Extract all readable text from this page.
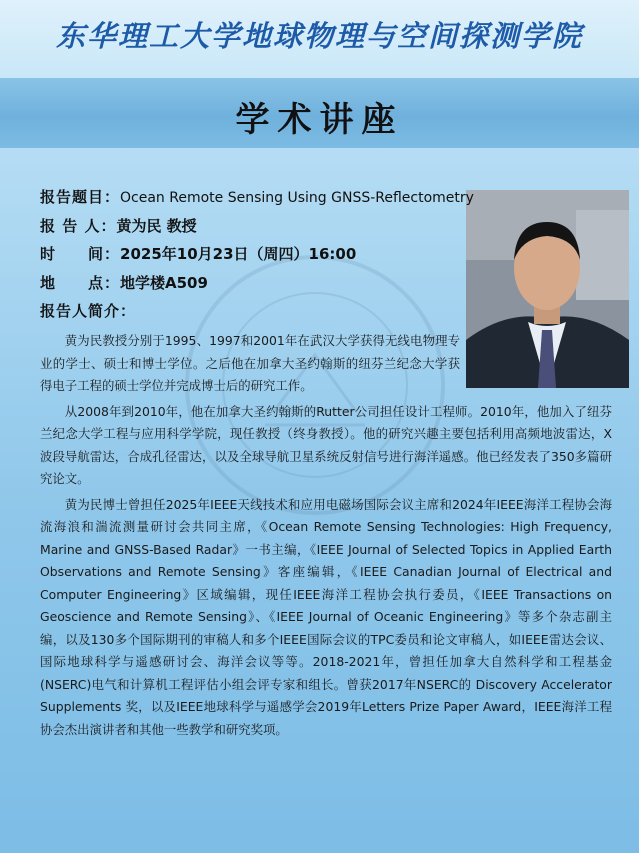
东华理工大学地球物理与空间探测学院
学术讲座
报告题目：Ocean Remote Sensing Using GNSS-Reflectometry
报 告 人：黄为民 教授
时　　间：2025年10月23日（周四）16:00
地　　点：地学楼A509
报告人简介：

黄为民教授分别于1995、1997和2001年在武汉大学获得无线电物理专业的学士、硕士和博士学位。之后他在加拿大圣约翰斯的纽芬兰纪念大学获得电子工程的硕士学位并完成博士后的研究工作。

从2008年到2010年，他在加拿大圣约翰斯的Rutter公司担任设计工程师。2010年，他加入了纽芬兰纪念大学工程与应用科学学院，现任教授（终身教授）。他的研究兴趣主要包括利用高频地波雷达，X波段导航雷达，合成孔径雷达，以及全球导航卫星系统反射信号进行海洋遥感。他已经发表了350多篇研究论文。

黄为民博士曾担任2025年IEEE天线技术和应用电磁场国际会议主席和2024年IEEE海洋工程协会海流海浪和湍流测量研讨会共同主席，《Ocean Remote Sensing Technologies: High Frequency, Marine and GNSS-Based Radar》一书主编，《IEEE Journal of Selected Topics in Applied Earth Observations and Remote Sensing》客座编辑，《IEEE Canadian Journal of Electrical and Computer Engineering》区域编辑，现任IEEE海洋工程协会执行委员，《IEEE Transactions on Geoscience and Remote Sensing》、《IEEE Journal of Oceanic Engineering》等多个杂志副主编，以及130多个国际期刊的审稿人和多个IEEE国际会议的TPC委员和论文审稿人，如IEEE雷达会议、国际地球科学与遥感研讨会、海洋会议等等。2018-2021年，曾担任加拿大自然科学和工程基金(NSERC)电气和计算机工程评估小组会评专家和组长。曾获2017年NSERC的 Discovery Accelerator Supplements 奖，以及IEEE地球科学与遥感学会2019年Letters Prize Paper Award，IEEE海洋工程协会杰出演讲者和其他一些教学和研究奖项。
